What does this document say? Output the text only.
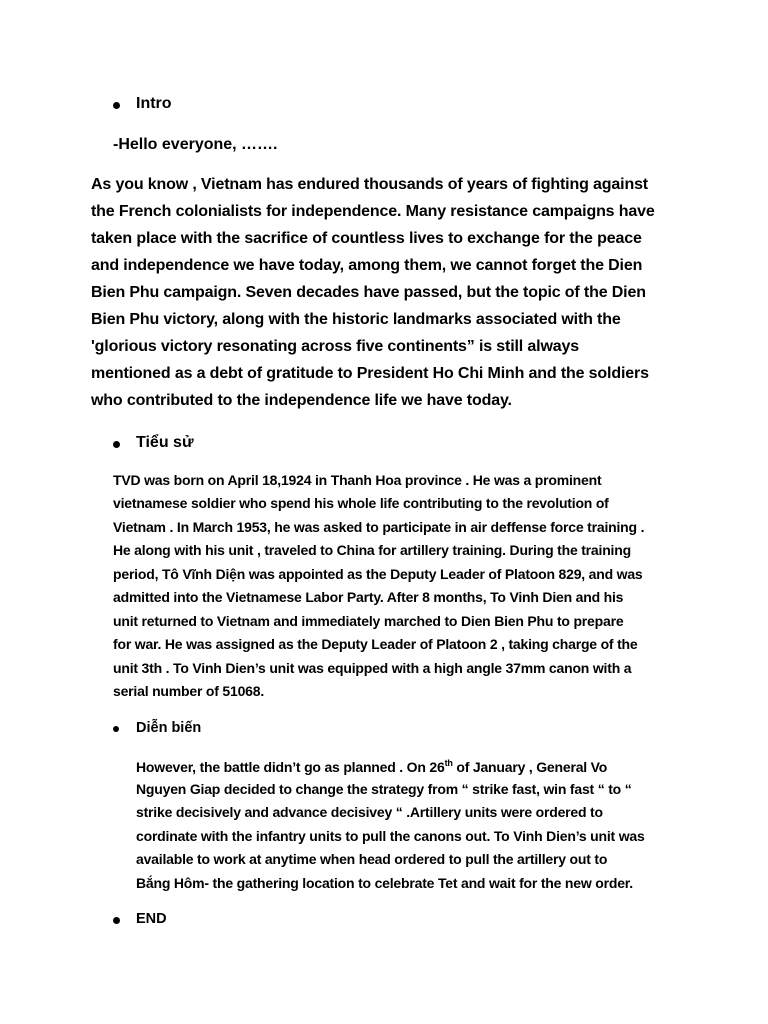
Intro
-Hello everyone, …….
As you know , Vietnam has endured thousands of years of fighting against
the French colonialists for independence. Many resistance campaigns have
taken place with the sacrifice of countless lives to exchange for the peace
and independence we have today, among them, we cannot forget the Dien
Bien Phu campaign. Seven decades have passed, but the topic of the Dien
Bien Phu victory, along with the historic landmarks associated with the
'glorious victory resonating across five continents” is still always
mentioned as a debt of gratitude to President Ho Chi Minh and the soldiers
who contributed to the independence life we have today.
Tiểu sử
TVD was born on April 18,1924 in Thanh Hoa province . He was a prominent
vietnamese soldier who spend his whole life contributing to the revolution of
Vietnam . In March 1953, he was asked to participate in air deffense force training .
He along with his unit , traveled to China for artillery training. During the training
period, Tô Vĩnh Diện was appointed as the Deputy Leader of Platoon 829, and was
admitted into the Vietnamese Labor Party. After 8 months, To Vinh Dien and his
unit returned to Vietnam and immediately marched to Dien Bien Phu to prepare
for war. He was assigned as the Deputy Leader of Platoon 2 , taking charge of the
unit 3th . To Vinh Dien’s unit was equipped with a high angle 37mm canon with a
serial number of 51068.
Diễn biến
However, the battle didn’t go as planned . On 26th of January , General Vo
Nguyen Giap decided to change the strategy from “ strike fast, win fast “ to “
strike decisively and advance decisivey “ .Artillery units were ordered to
cordinate with the infantry units to pull the canons out. To Vinh Dien’s unit was
available to work at anytime when head ordered to pull the artillery out to
Bắng Hôm- the gathering location to celebrate Tet and wait for the new order.
END
